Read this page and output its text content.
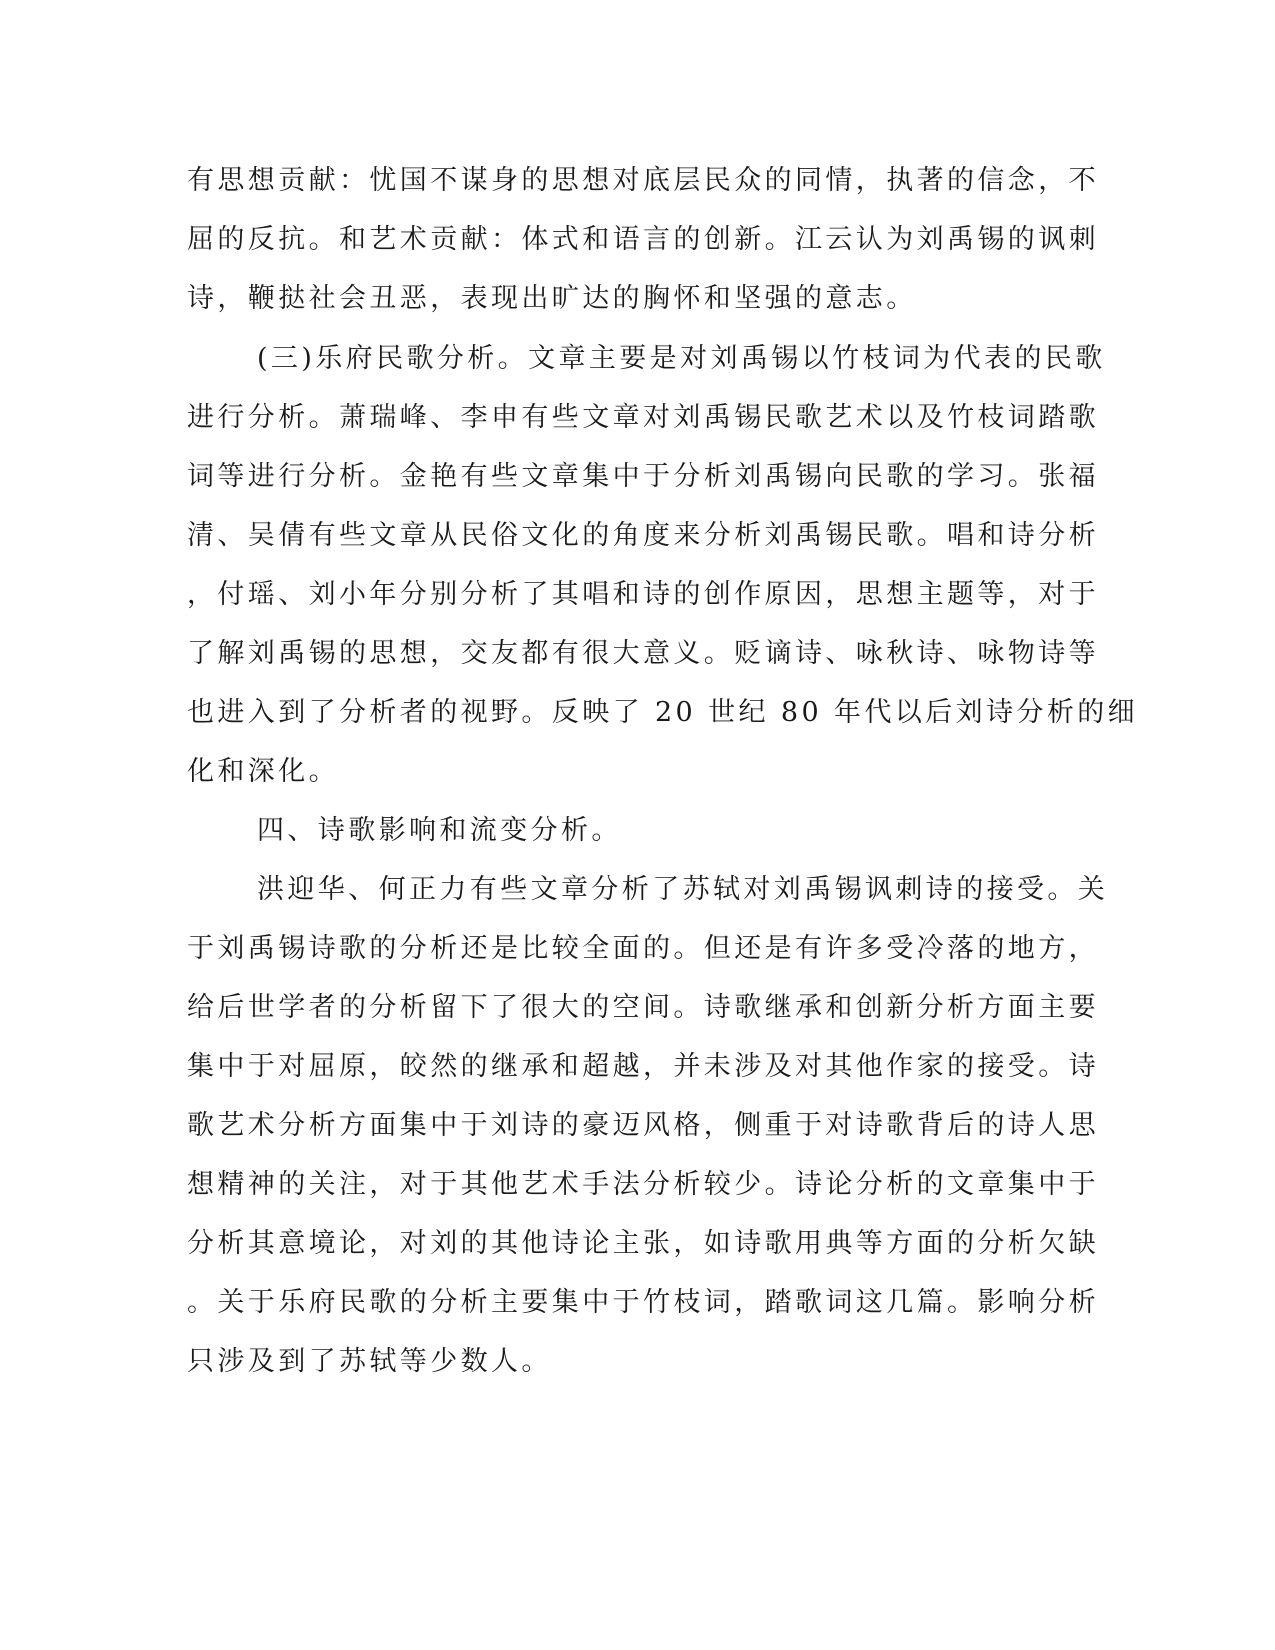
有思想贡献：忧国不谋身的思想对底层民众的同情，执著的信念，不
屈的反抗。和艺术贡献：体式和语言的创新。江云认为刘禹锡的讽刺
诗，鞭挞社会丑恶，表现出旷达的胸怀和坚强的意志。
(三)乐府民歌分析。文章主要是对刘禹锡以竹枝词为代表的民歌
进行分析。萧瑞峰、李申有些文章对刘禹锡民歌艺术以及竹枝词踏歌
词等进行分析。金艳有些文章集中于分析刘禹锡向民歌的学习。张福
清、吴倩有些文章从民俗文化的角度来分析刘禹锡民歌。唱和诗分析
，付瑶、刘小年分别分析了其唱和诗的创作原因，思想主题等，对于
了解刘禹锡的思想，交友都有很大意义。贬谪诗、咏秋诗、咏物诗等
也进入到了分析者的视野。反映了 20 世纪 80 年代以后刘诗分析的细
化和深化。
四、诗歌影响和流变分析。
洪迎华、何正力有些文章分析了苏轼对刘禹锡讽刺诗的接受。关
于刘禹锡诗歌的分析还是比较全面的。但还是有许多受冷落的地方，
给后世学者的分析留下了很大的空间。诗歌继承和创新分析方面主要
集中于对屈原，皎然的继承和超越，并未涉及对其他作家的接受。诗
歌艺术分析方面集中于刘诗的豪迈风格，侧重于对诗歌背后的诗人思
想精神的关注，对于其他艺术手法分析较少。诗论分析的文章集中于
分析其意境论，对刘的其他诗论主张，如诗歌用典等方面的分析欠缺
。关于乐府民歌的分析主要集中于竹枝词，踏歌词这几篇。影响分析
只涉及到了苏轼等少数人。
